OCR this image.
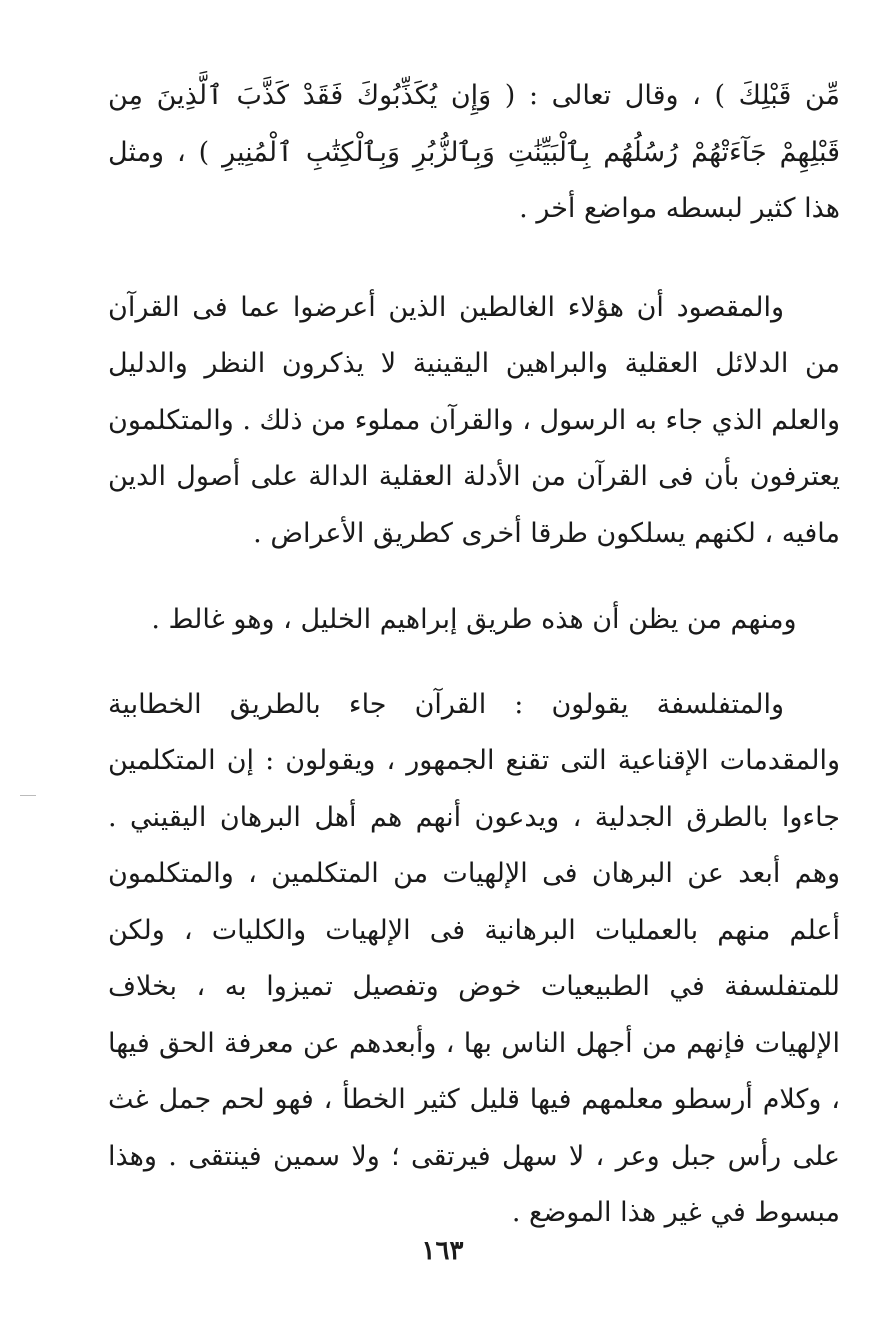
مِّن قَبْلِكَ ) ، وقال تعالى : ( وَإِن يُكَذِّبُوكَ فَقَدْ كَذَّبَ ٱلَّذِينَ مِن قَبْلِهِمْ جَآءَتْهُمْ رُسُلُهُم بِٱلْبَيِّنَٰتِ وَبِٱلزُّبُرِ وَبِٱلْكِتَٰبِ ٱلْمُنِيرِ ) ، ومثل هذا كثير لبسطه مواضع أخر .

والمقصود أن هؤلاء الغالطين الذين أعرضوا عما فى القرآن من الدلائل العقلية والبراهين اليقينية لا يذكرون النظر والدليل والعلم الذي جاء به الرسول ، والقرآن مملوء من ذلك . والمتكلمون يعترفون بأن فى القرآن من الأدلة العقلية الدالة على أصول الدين مافيه ، لكنهم يسلكون طرقا أخرى كطريق الأعراض .

ومنهم من يظن أن هذه طريق إبراهيم الخليل ، وهو غالط .

والمتفلسفة يقولون : القرآن جاء بالطريق الخطابية والمقدمات الإقناعية التى تقنع الجمهور ، ويقولون : إن المتكلمين جاءوا بالطرق الجدلية ، ويدعون أنهم هم أهل البرهان اليقيني . وهم أبعد عن البرهان فى الإلهيات من المتكلمين ، والمتكلمون أعلم منهم بالعمليات البرهانية فى الإلهيات والكليات ، ولكن للمتفلسفة في الطبيعيات خوض وتفصيل تميزوا به ، بخلاف الإلهيات فإنهم من أجهل الناس بها ، وأبعدهم عن معرفة الحق فيها ، وكلام أرسطو معلمهم فيها قليل كثير الخطأ ، فهو لحم جمل غث على رأس جبل وعر ، لا سهل فيرتقى ؛ ولا سمين فينتقى . وهذا مبسوط في غير هذا الموضع .

١٦٣
